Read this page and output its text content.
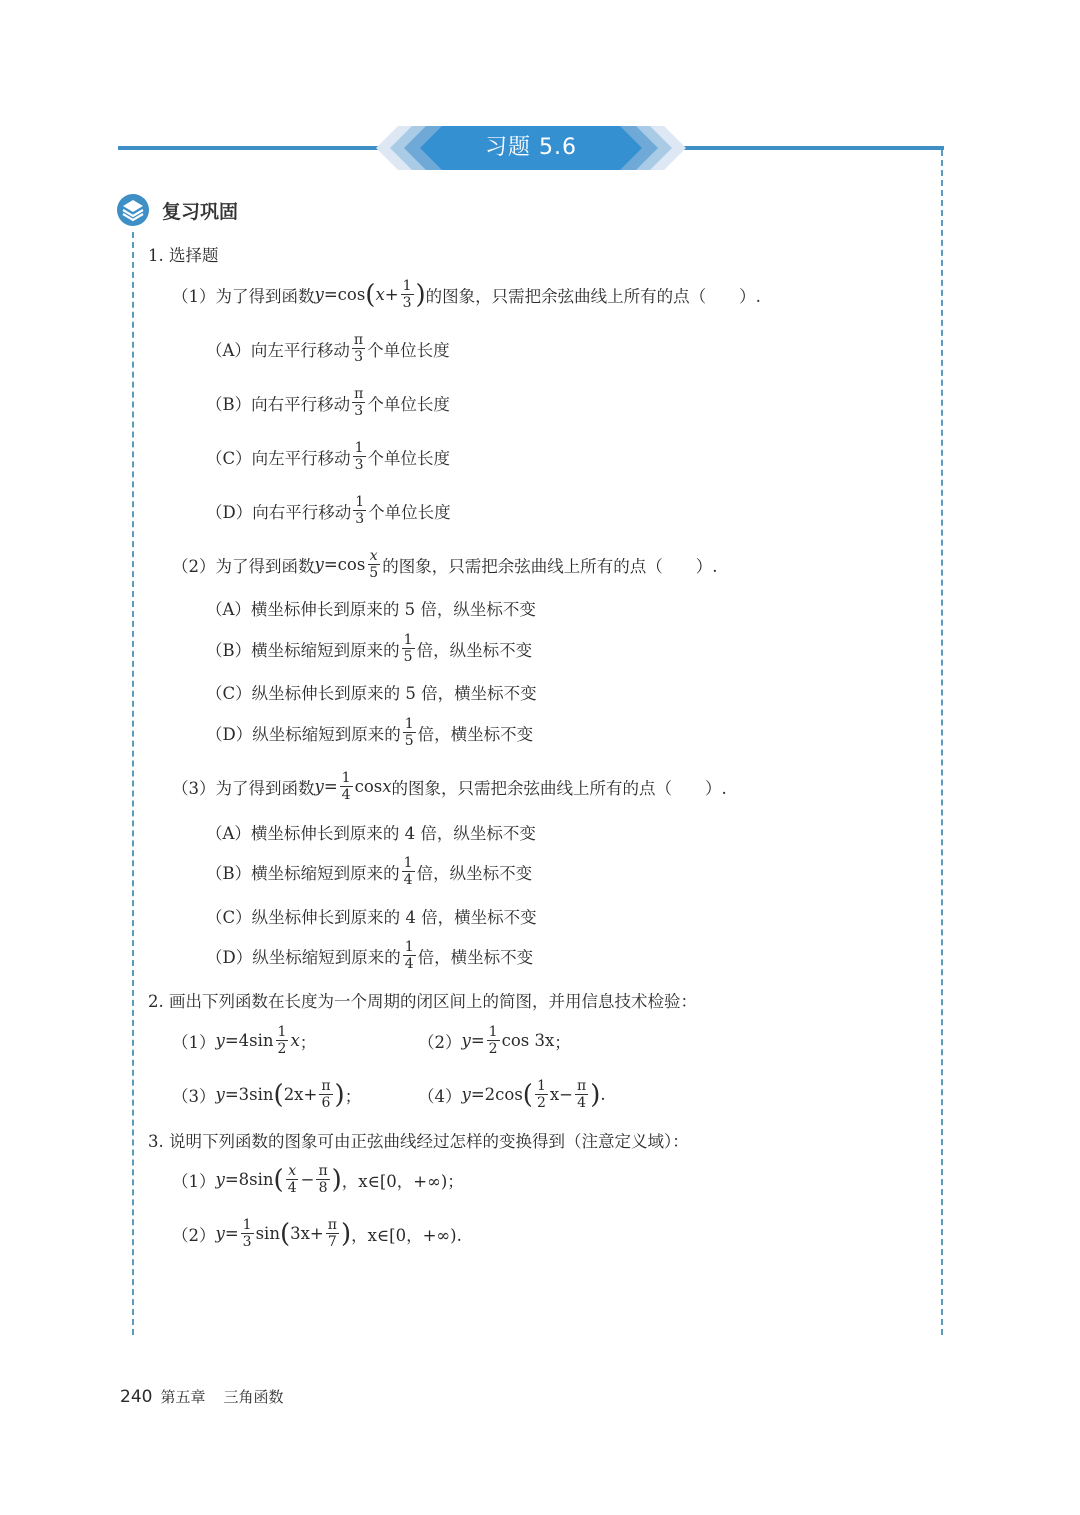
习题 5.6
复习巩固
1. 选择题
（1） 为了得到函数 y =cos ( $x + \frac{1}{3}$ ) 的图象，只需把余弦曲线上所有的点（　　）.
（A） 向左平行移动 $\frac{\pi}{3}$ 个单位长度
（B） 向右平行移动 $\frac{\pi}{3}$ 个单位长度
（C） 向左平行移动 $\frac{1}{3}$ 个单位长度
（D） 向右平行移动 $\frac{1}{3}$ 个单位长度
（2） 为了得到函数 $y =\cos \frac{x}{5}$ 的图象，只需把余弦曲线上所有的点（　　）.
（A） 横坐标伸长到原来的 5 倍，纵坐标不变
（B） 横坐标缩短到原来的 $\frac{1}{5}$ 倍，纵坐标不变
（C） 纵坐标伸长到原来的 5 倍，横坐标不变
（D） 纵坐标缩短到原来的 $\frac{1}{5}$ 倍，横坐标不变
（3） 为了得到函数 $y = \frac{1}{4}$ cos x 的图象，只需把余弦曲线上所有的点（　　）.
（A） 横坐标伸长到原来的 4 倍，纵坐标不变
（B） 横坐标缩短到原来的 $\frac{1}{4}$ 倍，纵坐标不变
（C） 纵坐标伸长到原来的 4 倍，横坐标不变
（D） 纵坐标缩短到原来的 $\frac{1}{4}$ 倍，横坐标不变
2. 画出下列函数在长度为一个周期的闭区间上的简图，并用信息技术检验：
（1） $y =4\sin \frac{1}{2}$ x ；	（2） $y = \frac{1}{2}$ cos 3x ；
（3） y =3sin ( $2x+ \frac{\pi}{6}$ ) ；	（4） y =2cos ( $\frac{1}{2} x- \frac{\pi}{4}$ ) .
3. 说明下列函数的图象可由正弦曲线经过怎样的变换得到（注意定义域）：
（1） y =8sin ( $\frac{x}{4} - \frac{\pi}{8}$ ) ，x∈[0，+∞)；
（2） $y = \frac{1}{3}$ sin ( $3x+ \frac{\pi}{7}$ ) ，x∈[0，+∞).
240 第五章 三角函数
